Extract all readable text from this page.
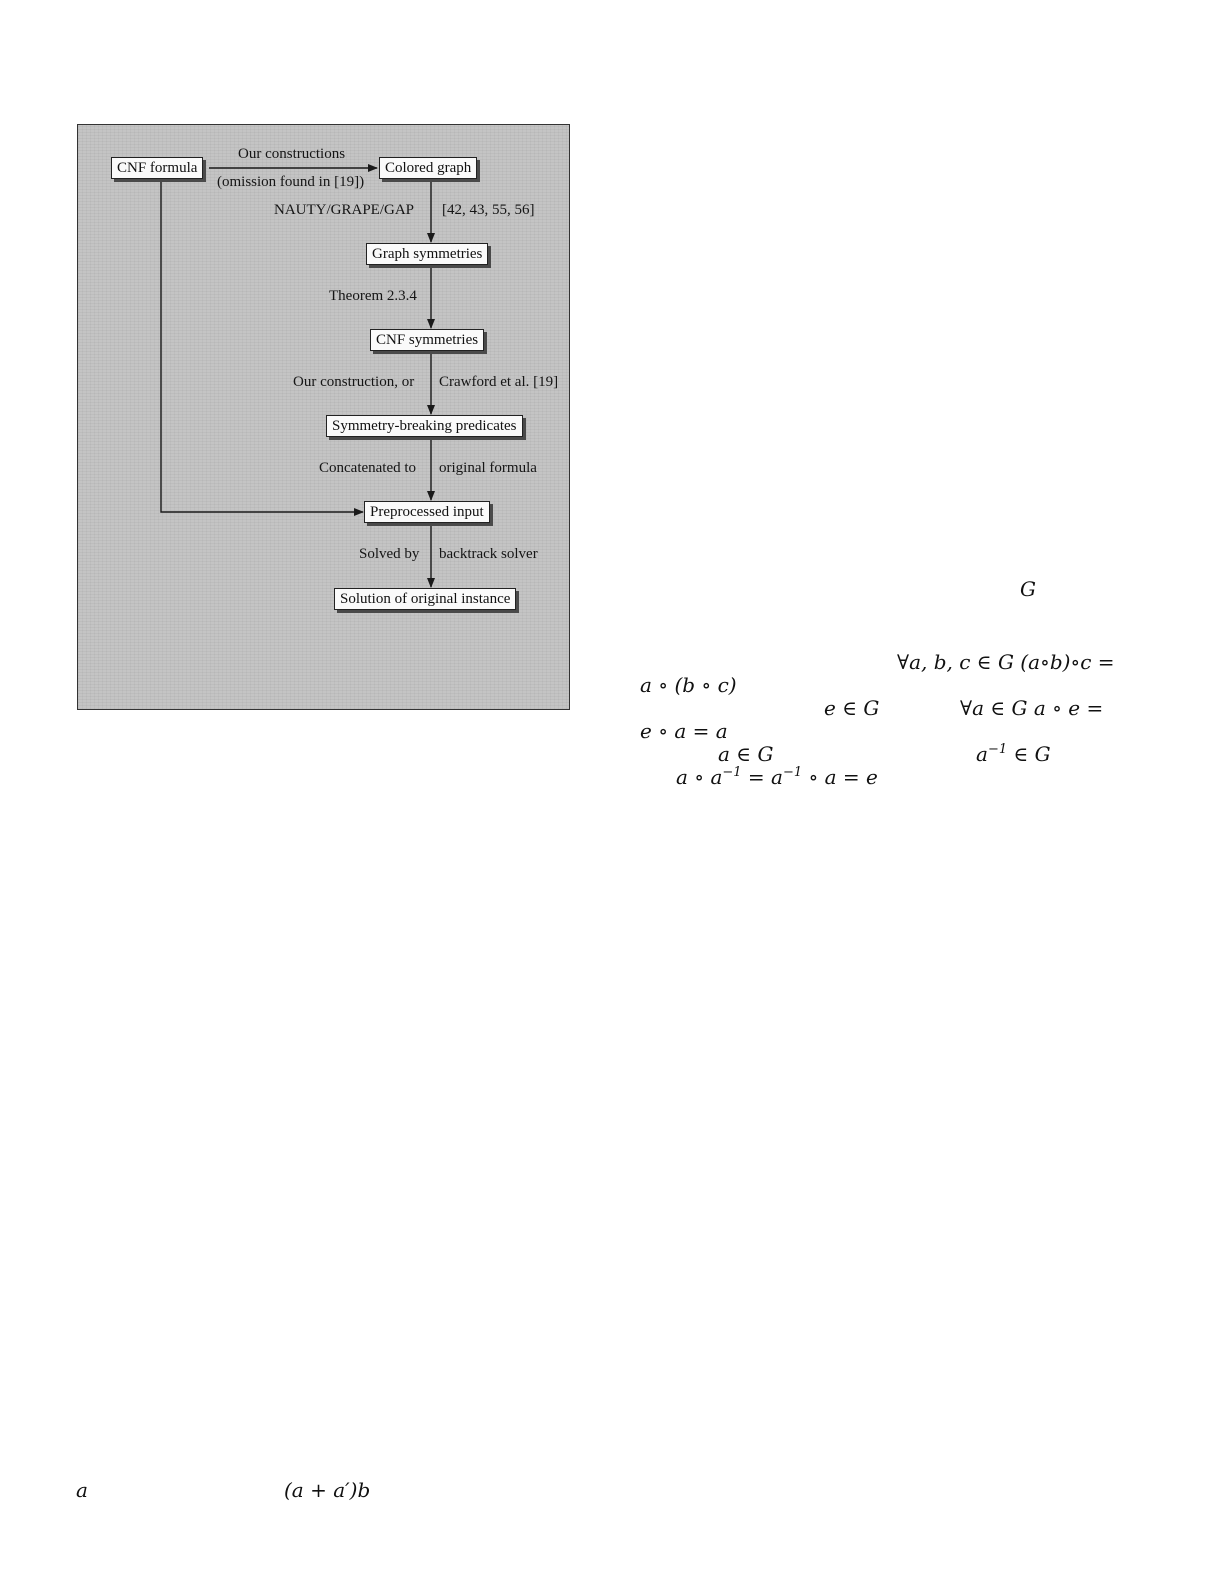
CNF formula	Colored graph
Graph symmetries
CNF symmetries
Symmetry-breaking predicates
Preprocessed input
Solution of original instance
Our constructions
(omission found in [19])
NAUTY/GRAPE/GAP [42, 43, 55, 56]
Theorem 2.3.4
Our construction, or Crawford et al. [19]
Concatenated to original formula
Solved by backtrack solver
G
∀a, b, c ∈ G (a∘b)∘c =
a ∘ (b ∘ c)
e ∈ G	∀a ∈ G a ∘ e =
e ∘ a = a
a ∈ G	$a^{-1}$ ∈ G
a ∘ $a^{-1} = a^{-1}$ ∘ a = e
a	(a + a′)b
